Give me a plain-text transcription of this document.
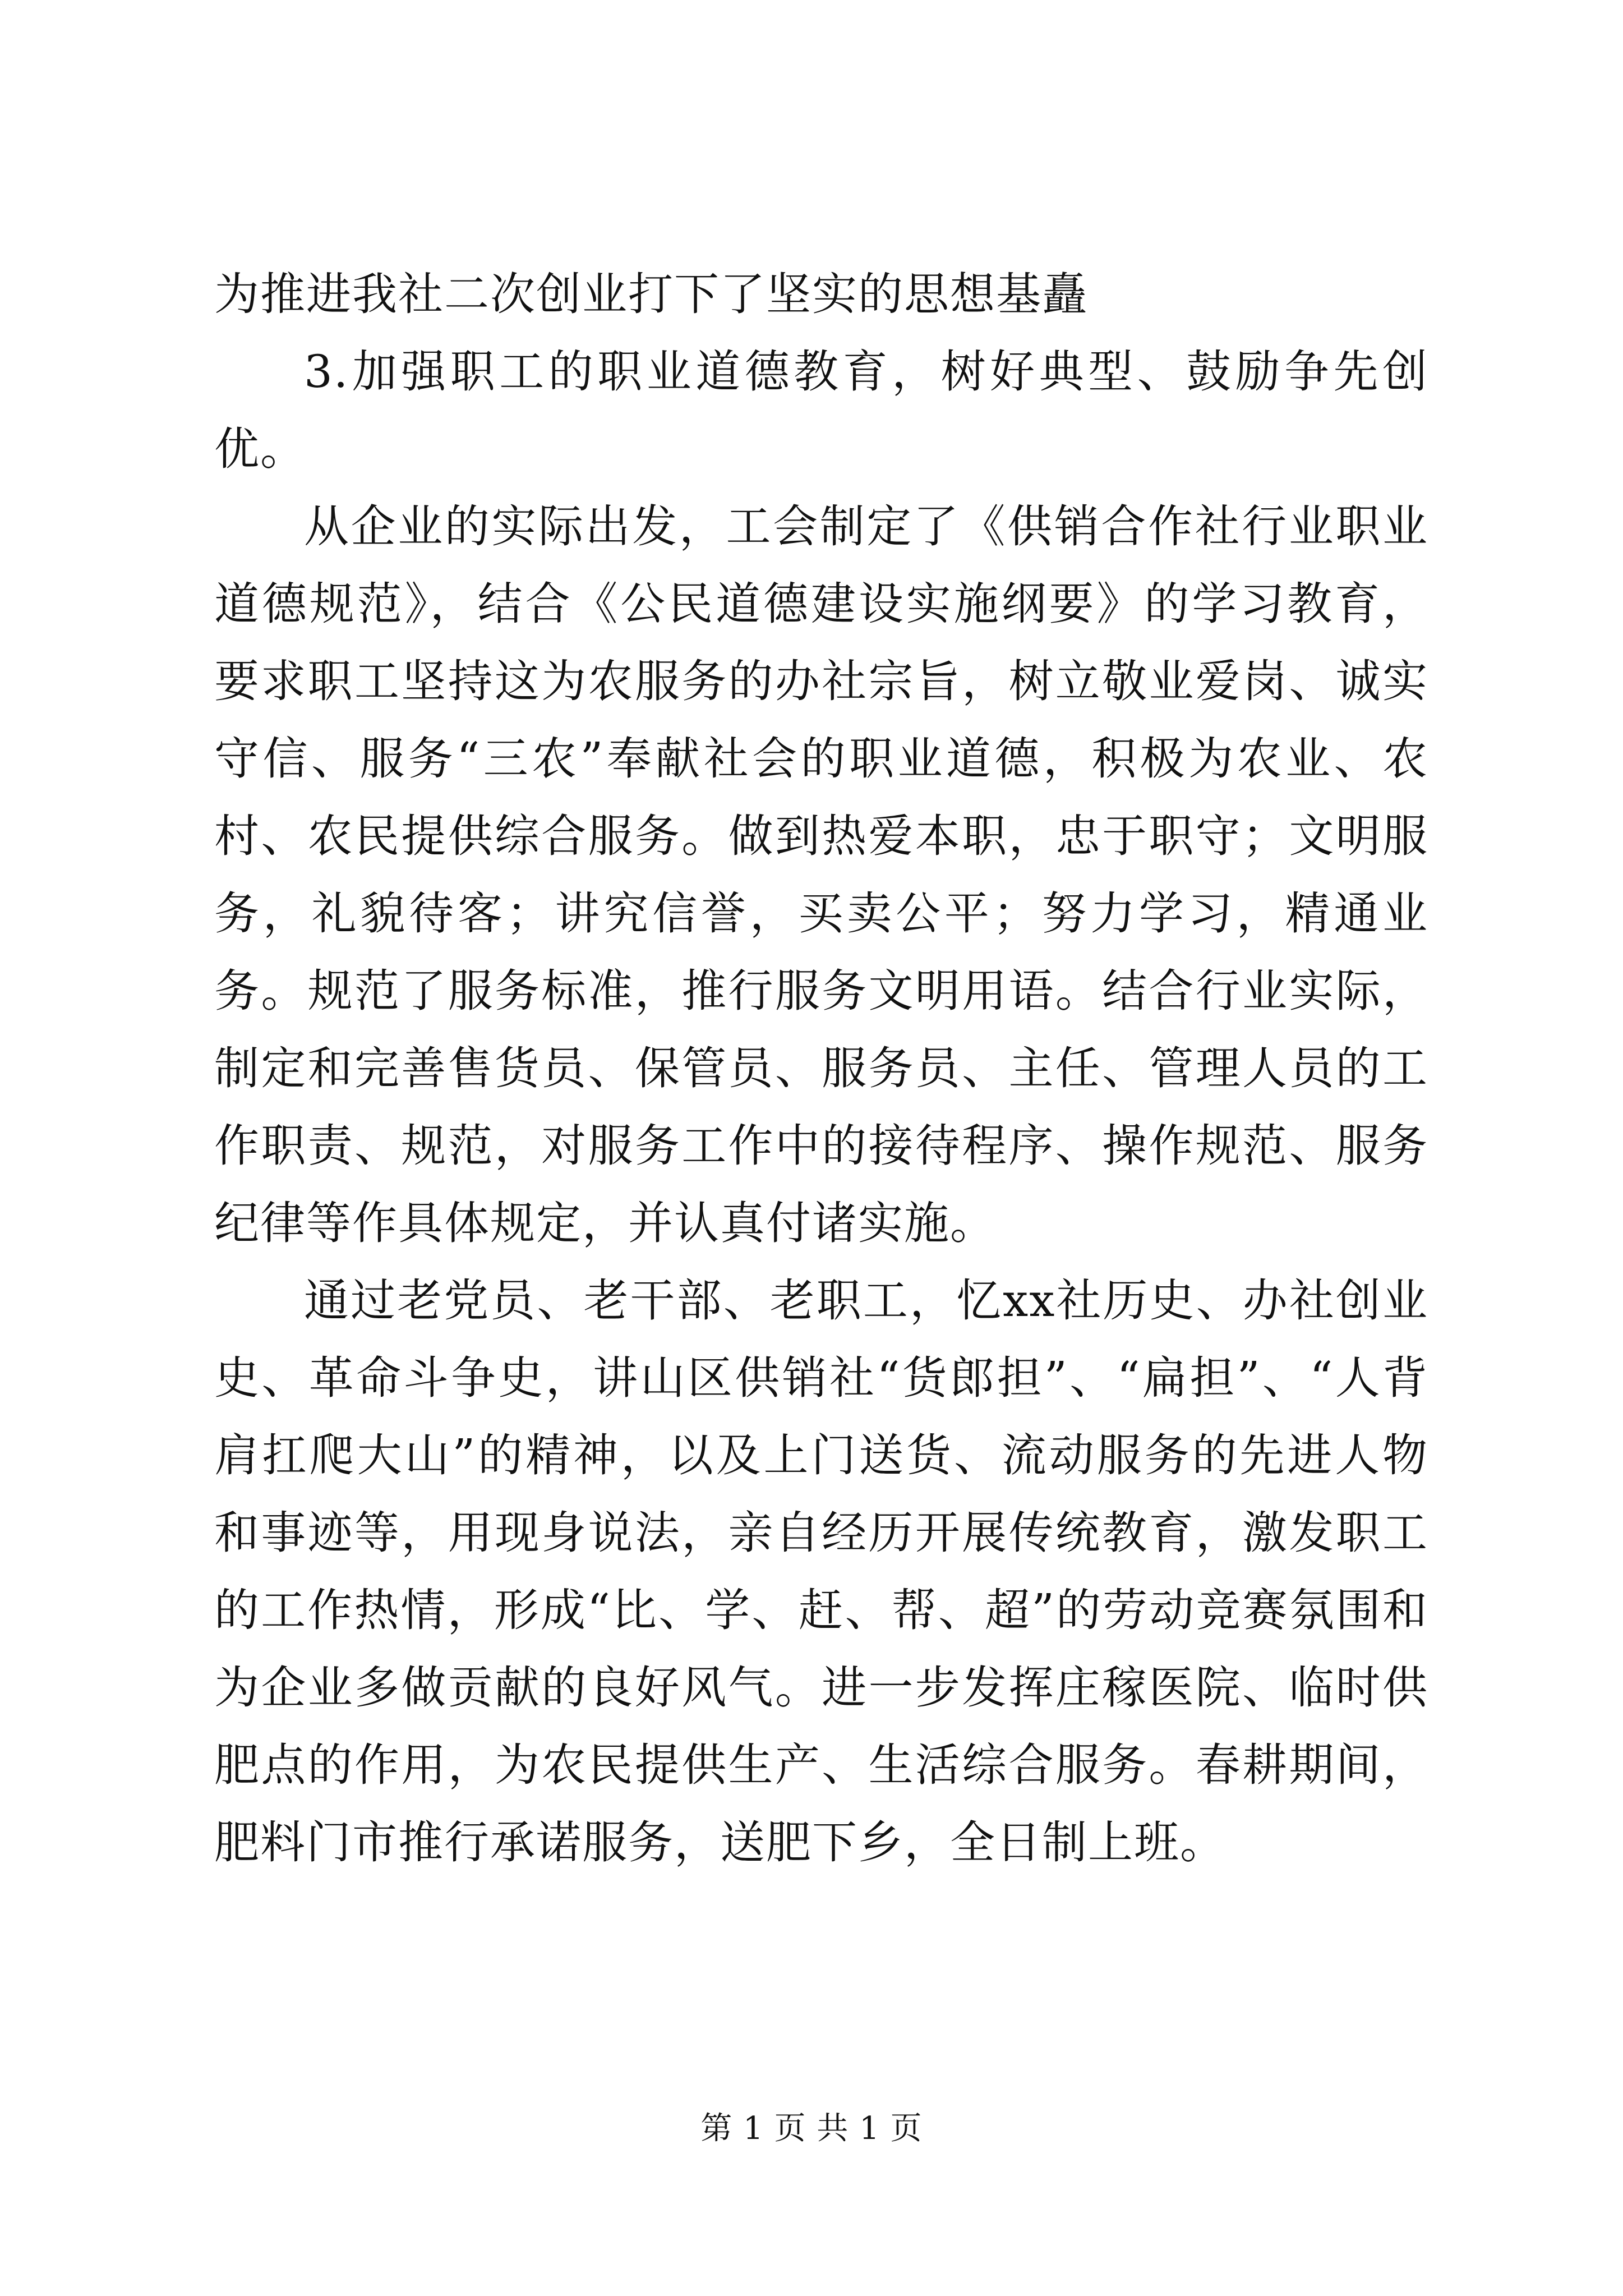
为推进我社二次创业打下了坚实的思想基矗

3.加强职工的职业道德教育，树好典型、鼓励争先创优。

从企业的实际出发，工会制定了《供销合作社行业职业道德规范》，结合《公民道德建设实施纲要》的学习教育，要求职工坚持这为农服务的办社宗旨，树立敬业爱岗、诚实守信、服务“三农”奉献社会的职业道德，积极为农业、农村、农民提供综合服务。做到热爱本职，忠于职守；文明服务，礼貌待客；讲究信誉，买卖公平；努力学习，精通业务。规范了服务标准，推行服务文明用语。结合行业实际，制定和完善售货员、保管员、服务员、主任、管理人员的工作职责、规范，对服务工作中的接待程序、操作规范、服务纪律等作具体规定，并认真付诸实施。

通过老党员、老干部、老职工，忆xx社历史、办社创业史、革命斗争史，讲山区供销社“货郎担”、“扁担”、“人背肩扛爬大山”的精神，以及上门送货、流动服务的先进人物和事迹等，用现身说法，亲自经历开展传统教育，激发职工的工作热情，形成“比、学、赶、帮、超”的劳动竞赛氛围和为企业多做贡献的良好风气。进一步发挥庄稼医院、临时供肥点的作用，为农民提供生产、生活综合服务。春耕期间，肥料门市推行承诺服务，送肥下乡，全日制上班。

第 1 页 共 1 页
